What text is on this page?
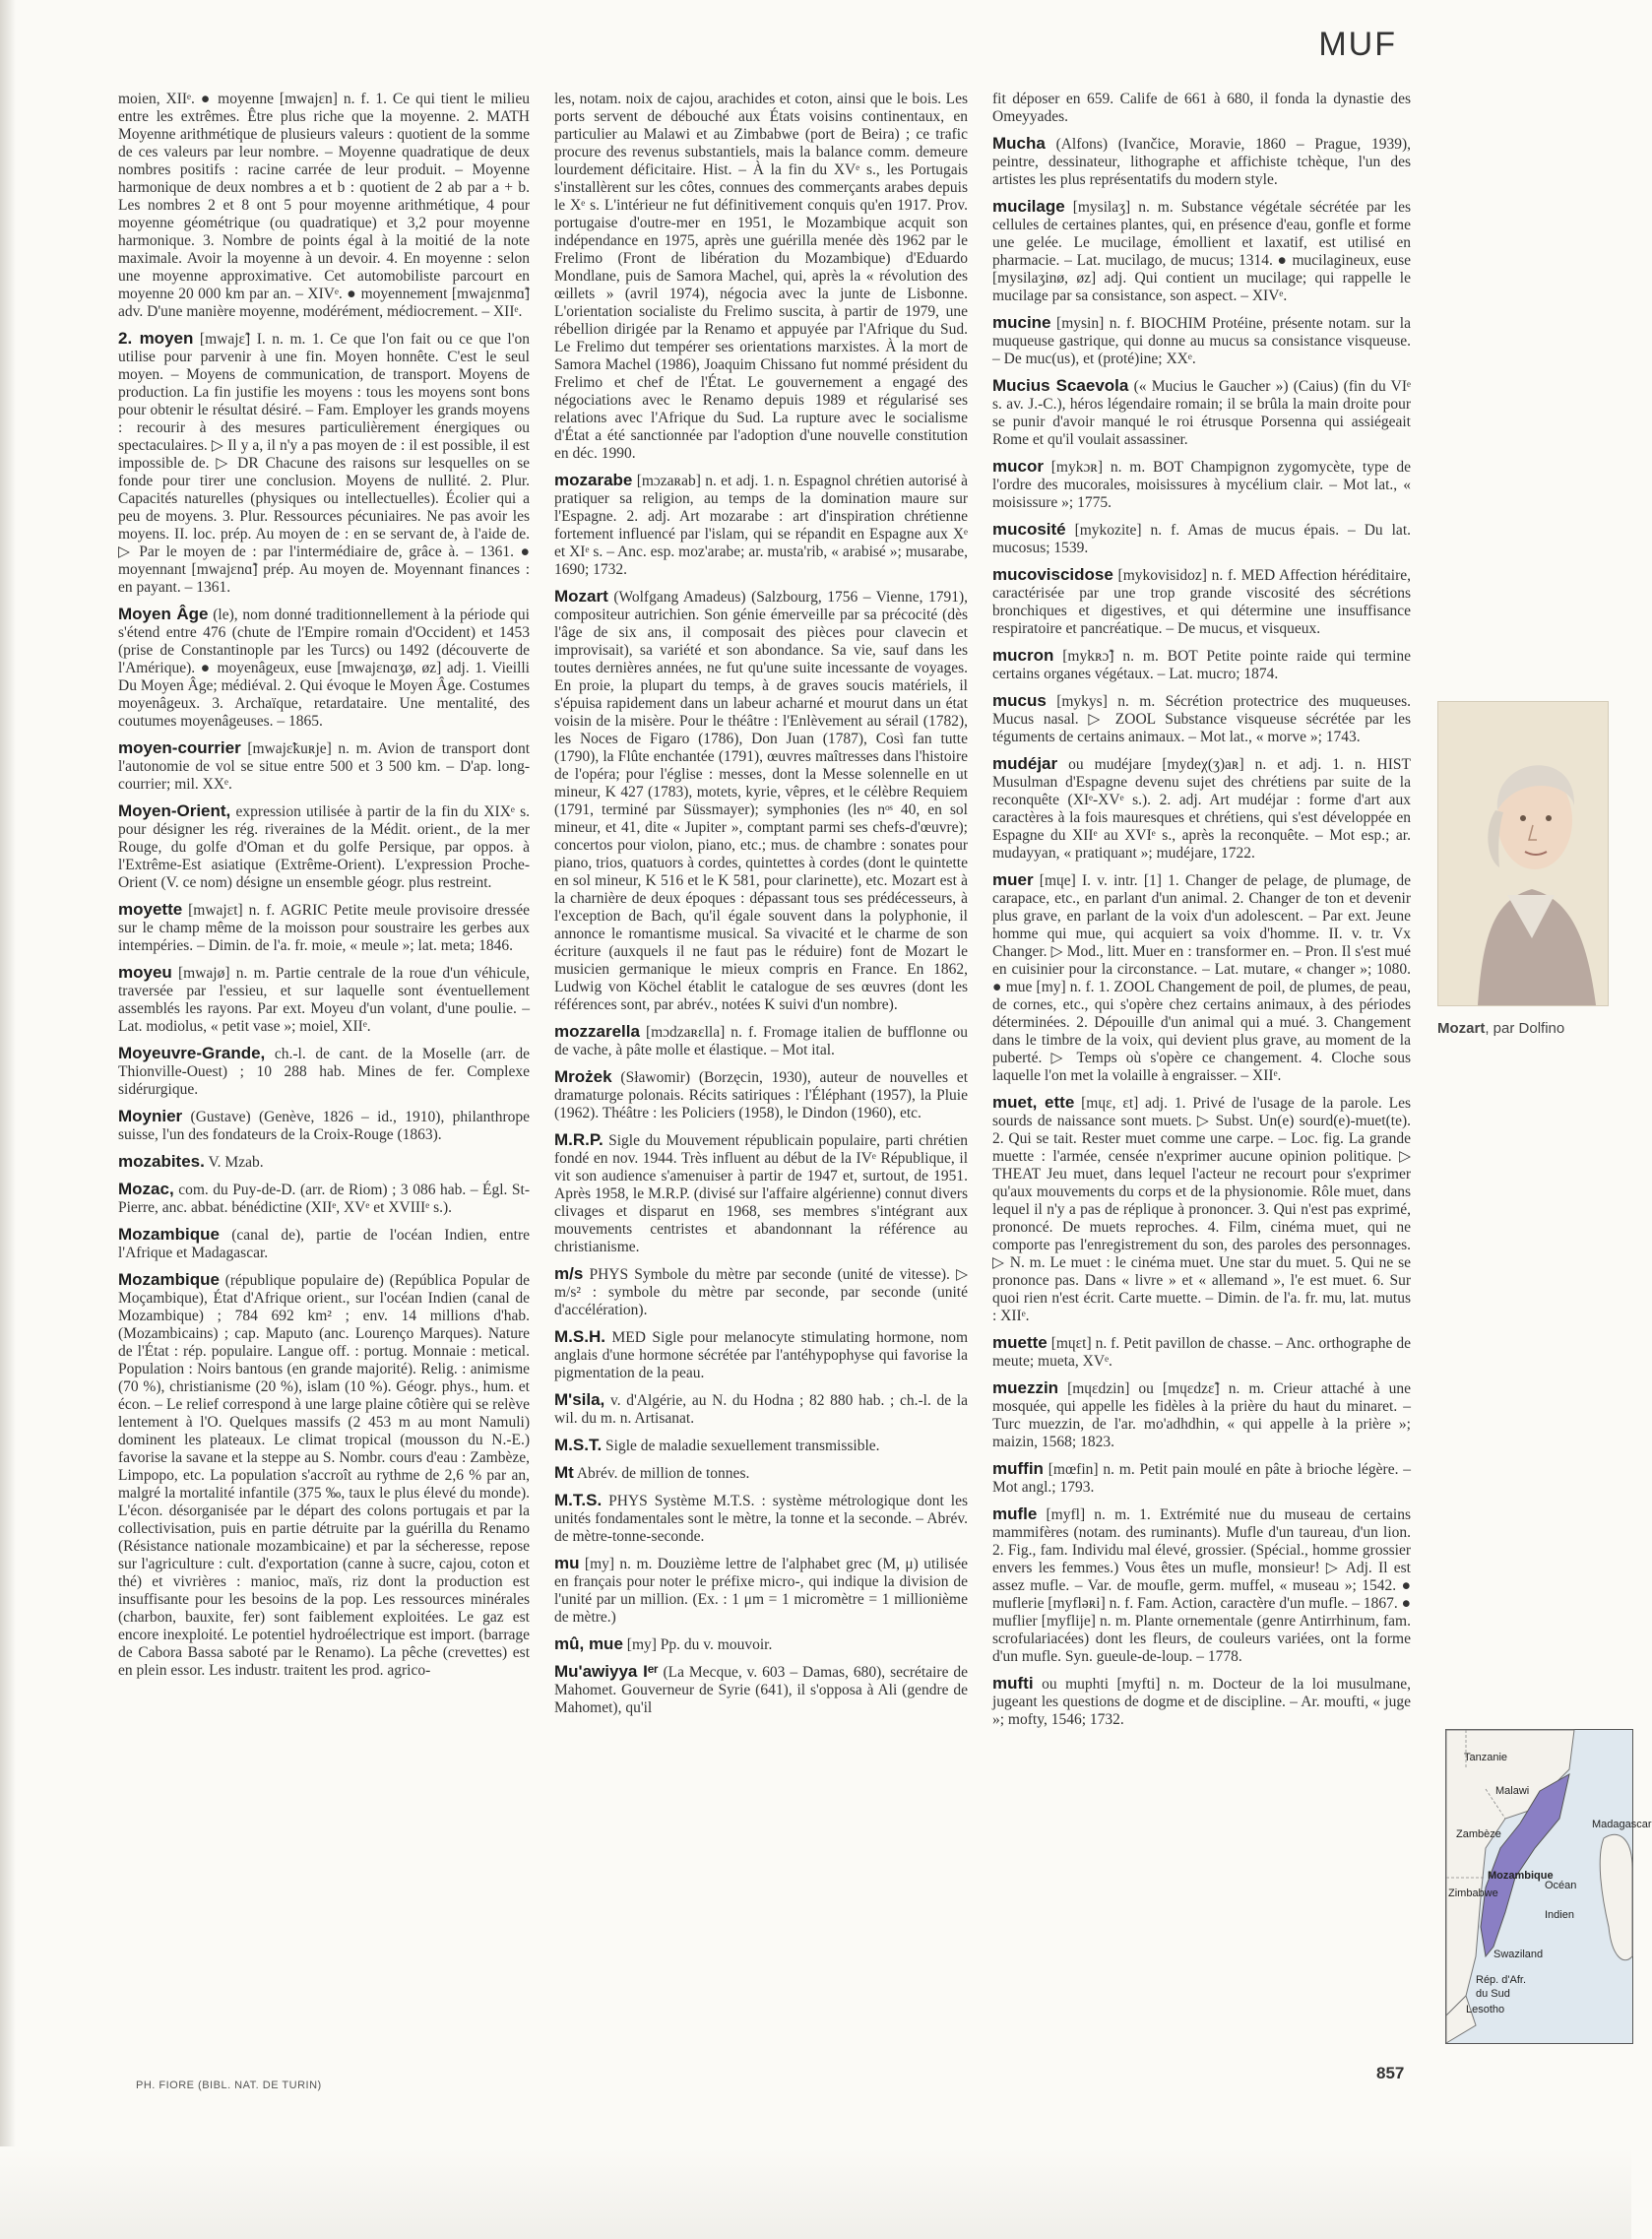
MUF

moien, XIIᵉ. ● moyenne [mwajɛn] n. f. 1. Ce qui tient le milieu entre les extrêmes. Être plus riche que la moyenne. 2. MATH Moyenne arithmétique de plusieurs valeurs : quotient de la somme de ces valeurs par leur nombre. – Moyenne quadratique de deux nombres positifs : racine carrée de leur produit. – Moyenne harmonique de deux nombres a et b : quotient de 2 ab par a + b. Les nombres 2 et 8 ont 5 pour moyenne arithmétique, 4 pour moyenne géométrique (ou quadratique) et 3,2 pour moyenne harmonique. 3. Nombre de points égal à la moitié de la note maximale. Avoir la moyenne à un devoir. 4. En moyenne : selon une moyenne approximative. Cet automobiliste parcourt en moyenne 20 000 km par an. – XIVᵉ. ● moyennement [mwajɛnmɑ̃] adv. D'une manière moyenne, modérément, médiocrement. – XIIᵉ.

2. moyen [mwajɛ̃] I. n. m. 1. Ce que l'on fait ou ce que l'on utilise pour parvenir à une fin. Moyen honnête. C'est le seul moyen. – Moyens de communication, de transport. Moyens de production. La fin justifie les moyens : tous les moyens sont bons pour obtenir le résultat désiré. – Fam. Employer les grands moyens : recourir à des mesures particulièrement énergiques ou spectaculaires. ▷ Il y a, il n'y a pas moyen de : il est possible, il est impossible de. ▷ DR Chacune des raisons sur lesquelles on se fonde pour tirer une conclusion. Moyens de nullité. 2. Plur. Capacités naturelles (physiques ou intellectuelles). Écolier qui a peu de moyens. 3. Plur. Ressources pécuniaires. Ne pas avoir les moyens. II. loc. prép. Au moyen de : en se servant de, à l'aide de. ▷ Par le moyen de : par l'intermédiaire de, grâce à. – 1361. ● moyennant [mwajɛnɑ̃] prép. Au moyen de. Moyennant finances : en payant. – 1361.

Moyen Âge (le), nom donné traditionnellement à la période qui s'étend entre 476 (chute de l'Empire romain d'Occident) et 1453 (prise de Constantinople par les Turcs) ou 1492 (découverte de l'Amérique). ● moyenâgeux, euse [mwajɛnɑʒø, øz] adj. 1. Vieilli Du Moyen Âge; médiéval. 2. Qui évoque le Moyen Âge. Costumes moyenâgeux. 3. Archaïque, retardataire. Une mentalité, des coutumes moyenâgeuses. – 1865.

moyen-courrier [mwajɛ̃kuʀje] n. m. Avion de transport dont l'autonomie de vol se situe entre 500 et 3 500 km. – D'ap. long-courrier; mil. XXᵉ.

Moyen-Orient, expression utilisée à partir de la fin du XIXᵉ s. pour désigner les rég. riveraines de la Médit. orient., de la mer Rouge, du golfe d'Oman et du golfe Persique, par oppos. à l'Extrême-Est asiatique (Extrême-Orient). L'expression Proche-Orient (V. ce nom) désigne un ensemble géogr. plus restreint.

moyette [mwajɛt] n. f. AGRIC Petite meule provisoire dressée sur le champ même de la moisson pour soustraire les gerbes aux intempéries. – Dimin. de l'a. fr. moie, « meule »; lat. meta; 1846.

moyeu [mwajø] n. m. Partie centrale de la roue d'un véhicule, traversée par l'essieu, et sur laquelle sont éventuellement assemblés les rayons. Par ext. Moyeu d'un volant, d'une poulie. – Lat. modiolus, « petit vase »; moiel, XIIᵉ.

Moyeuvre-Grande, ch.-l. de cant. de la Moselle (arr. de Thionville-Ouest) ; 10 288 hab. Mines de fer. Complexe sidérurgique.

Moynier (Gustave) (Genève, 1826 – id., 1910), philanthrope suisse, l'un des fondateurs de la Croix-Rouge (1863).

mozabites. V. Mzab.

Mozac, com. du Puy-de-D. (arr. de Riom) ; 3 086 hab. – Égl. St-Pierre, anc. abbat. bénédictine (XIIᵉ, XVᵉ et XVIIIᵉ s.).

Mozambique (canal de), partie de l'océan Indien, entre l'Afrique et Madagascar.

Mozambique (république populaire de) (República Popular de Moçambique), État d'Afrique orient., sur l'océan Indien (canal de Mozambique) ; 784 692 km² ; env. 14 millions d'hab. (Mozambicains) ; cap. Maputo (anc. Lourenço Marques). Nature de l'État : rép. populaire. Langue off. : portug. Monnaie : metical. Population : Noirs bantous (en grande majorité). Relig. : animisme (70 %), christianisme (20 %), islam (10 %). Géogr. phys., hum. et écon. – Le relief correspond à une large plaine côtière qui se relève lentement à l'O. Quelques massifs (2 453 m au mont Namuli) dominent les plateaux. Le climat tropical (mousson du N.-E.) favorise la savane et la steppe au S. Nombr. cours d'eau : Zambèze, Limpopo, etc. La population s'accroît au rythme de 2,6 % par an, malgré la mortalité infantile (375 ‰, taux le plus élevé du monde). L'écon. désorganisée par le départ des colons portugais et par la collectivisation, puis en partie détruite par la guérilla du Renamo (Résistance nationale mozambicaine) et par la sécheresse, repose sur l'agriculture : cult. d'exportation (canne à sucre, cajou, coton et thé) et vivrières : manioc, maïs, riz dont la production est insuffisante pour les besoins de la pop. Les ressources minérales (charbon, bauxite, fer) sont faiblement exploitées. Le gaz est encore inexploité. Le potentiel hydroélectrique est import. (barrage de Cabora Bassa saboté par le Renamo). La pêche (crevettes) est en plein essor. Les industr. traitent les prod. agrico-

les, notam. noix de cajou, arachides et coton, ainsi que le bois. Les ports servent de débouché aux États voisins continentaux, en particulier au Malawi et au Zimbabwe (port de Beira) ; ce trafic procure des revenus substantiels, mais la balance comm. demeure lourdement déficitaire. Hist. – À la fin du XVᵉ s., les Portugais s'installèrent sur les côtes, connues des commerçants arabes depuis le Xᵉ s. L'intérieur ne fut définitivement conquis qu'en 1917. Prov. portugaise d'outre-mer en 1951, le Mozambique acquit son indépendance en 1975, après une guérilla menée dès 1962 par le Frelimo (Front de libération du Mozambique) d'Eduardo Mondlane, puis de Samora Machel, qui, après la « révolution des œillets » (avril 1974), négocia avec la junte de Lisbonne. L'orientation socialiste du Frelimo suscita, à partir de 1979, une rébellion dirigée par la Renamo et appuyée par l'Afrique du Sud. Le Frelimo dut tempérer ses orientations marxistes. À la mort de Samora Machel (1986), Joaquim Chissano fut nommé président du Frelimo et chef de l'État. Le gouvernement a engagé des négociations avec le Renamo depuis 1989 et régularisé ses relations avec l'Afrique du Sud. La rupture avec le socialisme d'État a été sanctionnée par l'adoption d'une nouvelle constitution en déc. 1990.

mozarabe [mɔzaʀab] n. et adj. 1. n. Espagnol chrétien autorisé à pratiquer sa religion, au temps de la domination maure sur l'Espagne. 2. adj. Art mozarabe : art d'inspiration chrétienne fortement influencé par l'islam, qui se répandit en Espagne aux Xᵉ et XIᵉ s. – Anc. esp. moz'arabe; ar. musta'rib, « arabisé »; musarabe, 1690; 1732.

Mozart (Wolfgang Amadeus) (Salzbourg, 1756 – Vienne, 1791), compositeur autrichien. Son génie émerveille par sa précocité (dès l'âge de six ans, il composait des pièces pour clavecin et improvisait), sa variété et son abondance. Sa vie, sauf dans les toutes dernières années, ne fut qu'une suite incessante de voyages. En proie, la plupart du temps, à de graves soucis matériels, il s'épuisa rapidement dans un labeur acharné et mourut dans un état voisin de la misère. Pour le théâtre : l'Enlèvement au sérail (1782), les Noces de Figaro (1786), Don Juan (1787), Così fan tutte (1790), la Flûte enchantée (1791), œuvres maîtresses dans l'histoire de l'opéra; pour l'église : messes, dont la Messe solennelle en ut mineur, K 427 (1783), motets, kyrie, vêpres, et le célèbre Requiem (1791, terminé par Süssmayer); symphonies (les nᵒˢ 40, en sol mineur, et 41, dite « Jupiter », comptant parmi ses chefs-d'œuvre); concertos pour violon, piano, etc.; mus. de chambre : sonates pour piano, trios, quatuors à cordes, quintettes à cordes (dont le quintette en sol mineur, K 516 et le K 581, pour clarinette), etc. Mozart est à la charnière de deux époques : dépassant tous ses prédécesseurs, à l'exception de Bach, qu'il égale souvent dans la polyphonie, il annonce le romantisme musical. Sa vivacité et le charme de son écriture (auxquels il ne faut pas le réduire) font de Mozart le musicien germanique le mieux compris en France. En 1862, Ludwig von Köchel établit le catalogue de ses œuvres (dont les références sont, par abrév., notées K suivi d'un nombre).

mozzarella [mɔdzaʀɛlla] n. f. Fromage italien de bufflonne ou de vache, à pâte molle et élastique. – Mot ital.

Mrożek (Sławomir) (Borzęcin, 1930), auteur de nouvelles et dramaturge polonais. Récits satiriques : l'Éléphant (1957), la Pluie (1962). Théâtre : les Policiers (1958), le Dindon (1960), etc.

M.R.P. Sigle du Mouvement républicain populaire, parti chrétien fondé en nov. 1944. Très influent au début de la IVᵉ République, il vit son audience s'amenuiser à partir de 1947 et, surtout, de 1951. Après 1958, le M.R.P. (divisé sur l'affaire algérienne) connut divers clivages et disparut en 1968, ses membres s'intégrant aux mouvements centristes et abandonnant la référence au christianisme.

m/s PHYS Symbole du mètre par seconde (unité de vitesse). ▷ m/s² : symbole du mètre par seconde, par seconde (unité d'accélération).

M.S.H. MED Sigle pour melanocyte stimulating hormone, nom anglais d'une hormone sécrétée par l'antéhypophyse qui favorise la pigmentation de la peau.

M'sila, v. d'Algérie, au N. du Hodna ; 82 880 hab. ; ch.-l. de la wil. du m. n. Artisanat.

M.S.T. Sigle de maladie sexuellement transmissible.

Mt Abrév. de million de tonnes.

M.T.S. PHYS Système M.T.S. : système métrologique dont les unités fondamentales sont le mètre, la tonne et la seconde. – Abrév. de mètre-tonne-seconde.

mu [my] n. m. Douzième lettre de l'alphabet grec (M, μ) utilisée en français pour noter le préfixe micro-, qui indique la division de l'unité par un million. (Ex. : 1 μm = 1 micromètre = 1 millionième de mètre.)

mû, mue [my] Pp. du v. mouvoir.

Mu'awiyya Iᵉʳ (La Mecque, v. 603 – Damas, 680), secrétaire de Mahomet. Gouverneur de Syrie (641), il s'opposa à Ali (gendre de Mahomet), qu'il

fit déposer en 659. Calife de 661 à 680, il fonda la dynastie des Omeyyades.

Mucha (Alfons) (Ivančice, Moravie, 1860 – Prague, 1939), peintre, dessinateur, lithographe et affichiste tchèque, l'un des artistes les plus représentatifs du modern style.

mucilage [mysilaʒ] n. m. Substance végétale sécrétée par les cellules de certaines plantes, qui, en présence d'eau, gonfle et forme une gelée. Le mucilage, émollient et laxatif, est utilisé en pharmacie. – Lat. mucilago, de mucus; 1314. ● mucilagineux, euse [mysilaʒinø, øz] adj. Qui contient un mucilage; qui rappelle le mucilage par sa consistance, son aspect. – XIVᵉ.

mucine [mysin] n. f. BIOCHIM Protéine, présente notam. sur la muqueuse gastrique, qui donne au mucus sa consistance visqueuse. – De muc(us), et (proté)ine; XXᵉ.

Mucius Scaevola (« Mucius le Gaucher ») (Caius) (fin du VIᵉ s. av. J.-C.), héros légendaire romain; il se brûla la main droite pour se punir d'avoir manqué le roi étrusque Porsenna qui assiégeait Rome et qu'il voulait assassiner.

mucor [mykɔʀ] n. m. BOT Champignon zygomycète, type de l'ordre des mucorales, moisissures à mycélium clair. – Mot lat., « moisissure »; 1775.

mucosité [mykozite] n. f. Amas de mucus épais. – Du lat. mucosus; 1539.

mucoviscidose [mykovisidoz] n. f. MED Affection héréditaire, caractérisée par une trop grande viscosité des sécrétions bronchiques et digestives, et qui détermine une insuffisance respiratoire et pancréatique. – De mucus, et visqueux.

mucron [mykʀɔ̃] n. m. BOT Petite pointe raide qui termine certains organes végétaux. – Lat. mucro; 1874.

mucus [mykys] n. m. Sécrétion protectrice des muqueuses. Mucus nasal. ▷ ZOOL Substance visqueuse sécrétée par les téguments de certains animaux. – Mot lat., « morve »; 1743.

mudéjar ou mudéjare [mydeχ(ʒ)aʀ] n. et adj. 1. n. HIST Musulman d'Espagne devenu sujet des chrétiens par suite de la reconquête (XIᵉ-XVᵉ s.). 2. adj. Art mudéjar : forme d'art aux caractères à la fois mauresques et chrétiens, qui s'est développée en Espagne du XIIᵉ au XVIᵉ s., après la reconquête. – Mot esp.; ar. mudayyan, « pratiquant »; mudéjare, 1722.

muer [mɥe] I. v. intr. [1] 1. Changer de pelage, de plumage, de carapace, etc., en parlant d'un animal. 2. Changer de ton et devenir plus grave, en parlant de la voix d'un adolescent. – Par ext. Jeune homme qui mue, qui acquiert sa voix d'homme. II. v. tr. Vx Changer. ▷ Mod., litt. Muer en : transformer en. – Pron. Il s'est mué en cuisinier pour la circonstance. – Lat. mutare, « changer »; 1080. ● mue [my] n. f. 1. ZOOL Changement de poil, de plumes, de peau, de cornes, etc., qui s'opère chez certains animaux, à des périodes déterminées. 2. Dépouille d'un animal qui a mué. 3. Changement dans le timbre de la voix, qui devient plus grave, au moment de la puberté. ▷ Temps où s'opère ce changement. 4. Cloche sous laquelle l'on met la volaille à engraisser. – XIIᵉ.

muet, ette [mɥɛ, ɛt] adj. 1. Privé de l'usage de la parole. Les sourds de naissance sont muets. ▷ Subst. Un(e) sourd(e)-muet(te). 2. Qui se tait. Rester muet comme une carpe. – Loc. fig. La grande muette : l'armée, censée n'exprimer aucune opinion politique. ▷ THEAT Jeu muet, dans lequel l'acteur ne recourt pour s'exprimer qu'aux mouvements du corps et de la physionomie. Rôle muet, dans lequel il n'y a pas de réplique à prononcer. 3. Qui n'est pas exprimé, prononcé. De muets reproches. 4. Film, cinéma muet, qui ne comporte pas l'enregistrement du son, des paroles des personnages. ▷ N. m. Le muet : le cinéma muet. Une star du muet. 5. Qui ne se prononce pas. Dans « livre » et « allemand », l'e est muet. 6. Sur quoi rien n'est écrit. Carte muette. – Dimin. de l'a. fr. mu, lat. mutus : XIIᵉ.

muette [mɥɛt] n. f. Petit pavillon de chasse. – Anc. orthographe de meute; mueta, XVᵉ.

muezzin [mɥɛdzin] ou [mɥɛdzɛ̃] n. m. Crieur attaché à une mosquée, qui appelle les fidèles à la prière du haut du minaret. – Turc muezzin, de l'ar. mo'adhdhin, « qui appelle à la prière »; maizin, 1568; 1823.

muffin [mœfin] n. m. Petit pain moulé en pâte à brioche légère. – Mot angl.; 1793.

mufle [myfl] n. m. 1. Extrémité nue du museau de certains mammifères (notam. des ruminants). Mufle d'un taureau, d'un lion. 2. Fig., fam. Individu mal élevé, grossier. (Spécial., homme grossier envers les femmes.) Vous êtes un mufle, monsieur! ▷ Adj. Il est assez mufle. – Var. de moufle, germ. muffel, « museau »; 1542. ● muflerie [myflǝʀi] n. f. Fam. Action, caractère d'un mufle. – 1867. ● muflier [myflije] n. m. Plante ornementale (genre Antirrhinum, fam. scrofulariacées) dont les fleurs, de couleurs variées, ont la forme d'un mufle. Syn. gueule-de-loup. – 1778.

mufti ou muphti [myfti] n. m. Docteur de la loi musulmane, jugeant les questions de dogme et de discipline. – Ar. moufti, « juge »; mofty, 1546; 1732.

Mozart, par Dolfino
Tanzanie
Malawi
Zambèze
Zimbabwe
Mozambique
Océan
Indien
Madagascar
Swaziland
Rép. d'Afr.
du Sud
Lesotho
PH. FIORE (BIBL. NAT. DE TURIN)
857
